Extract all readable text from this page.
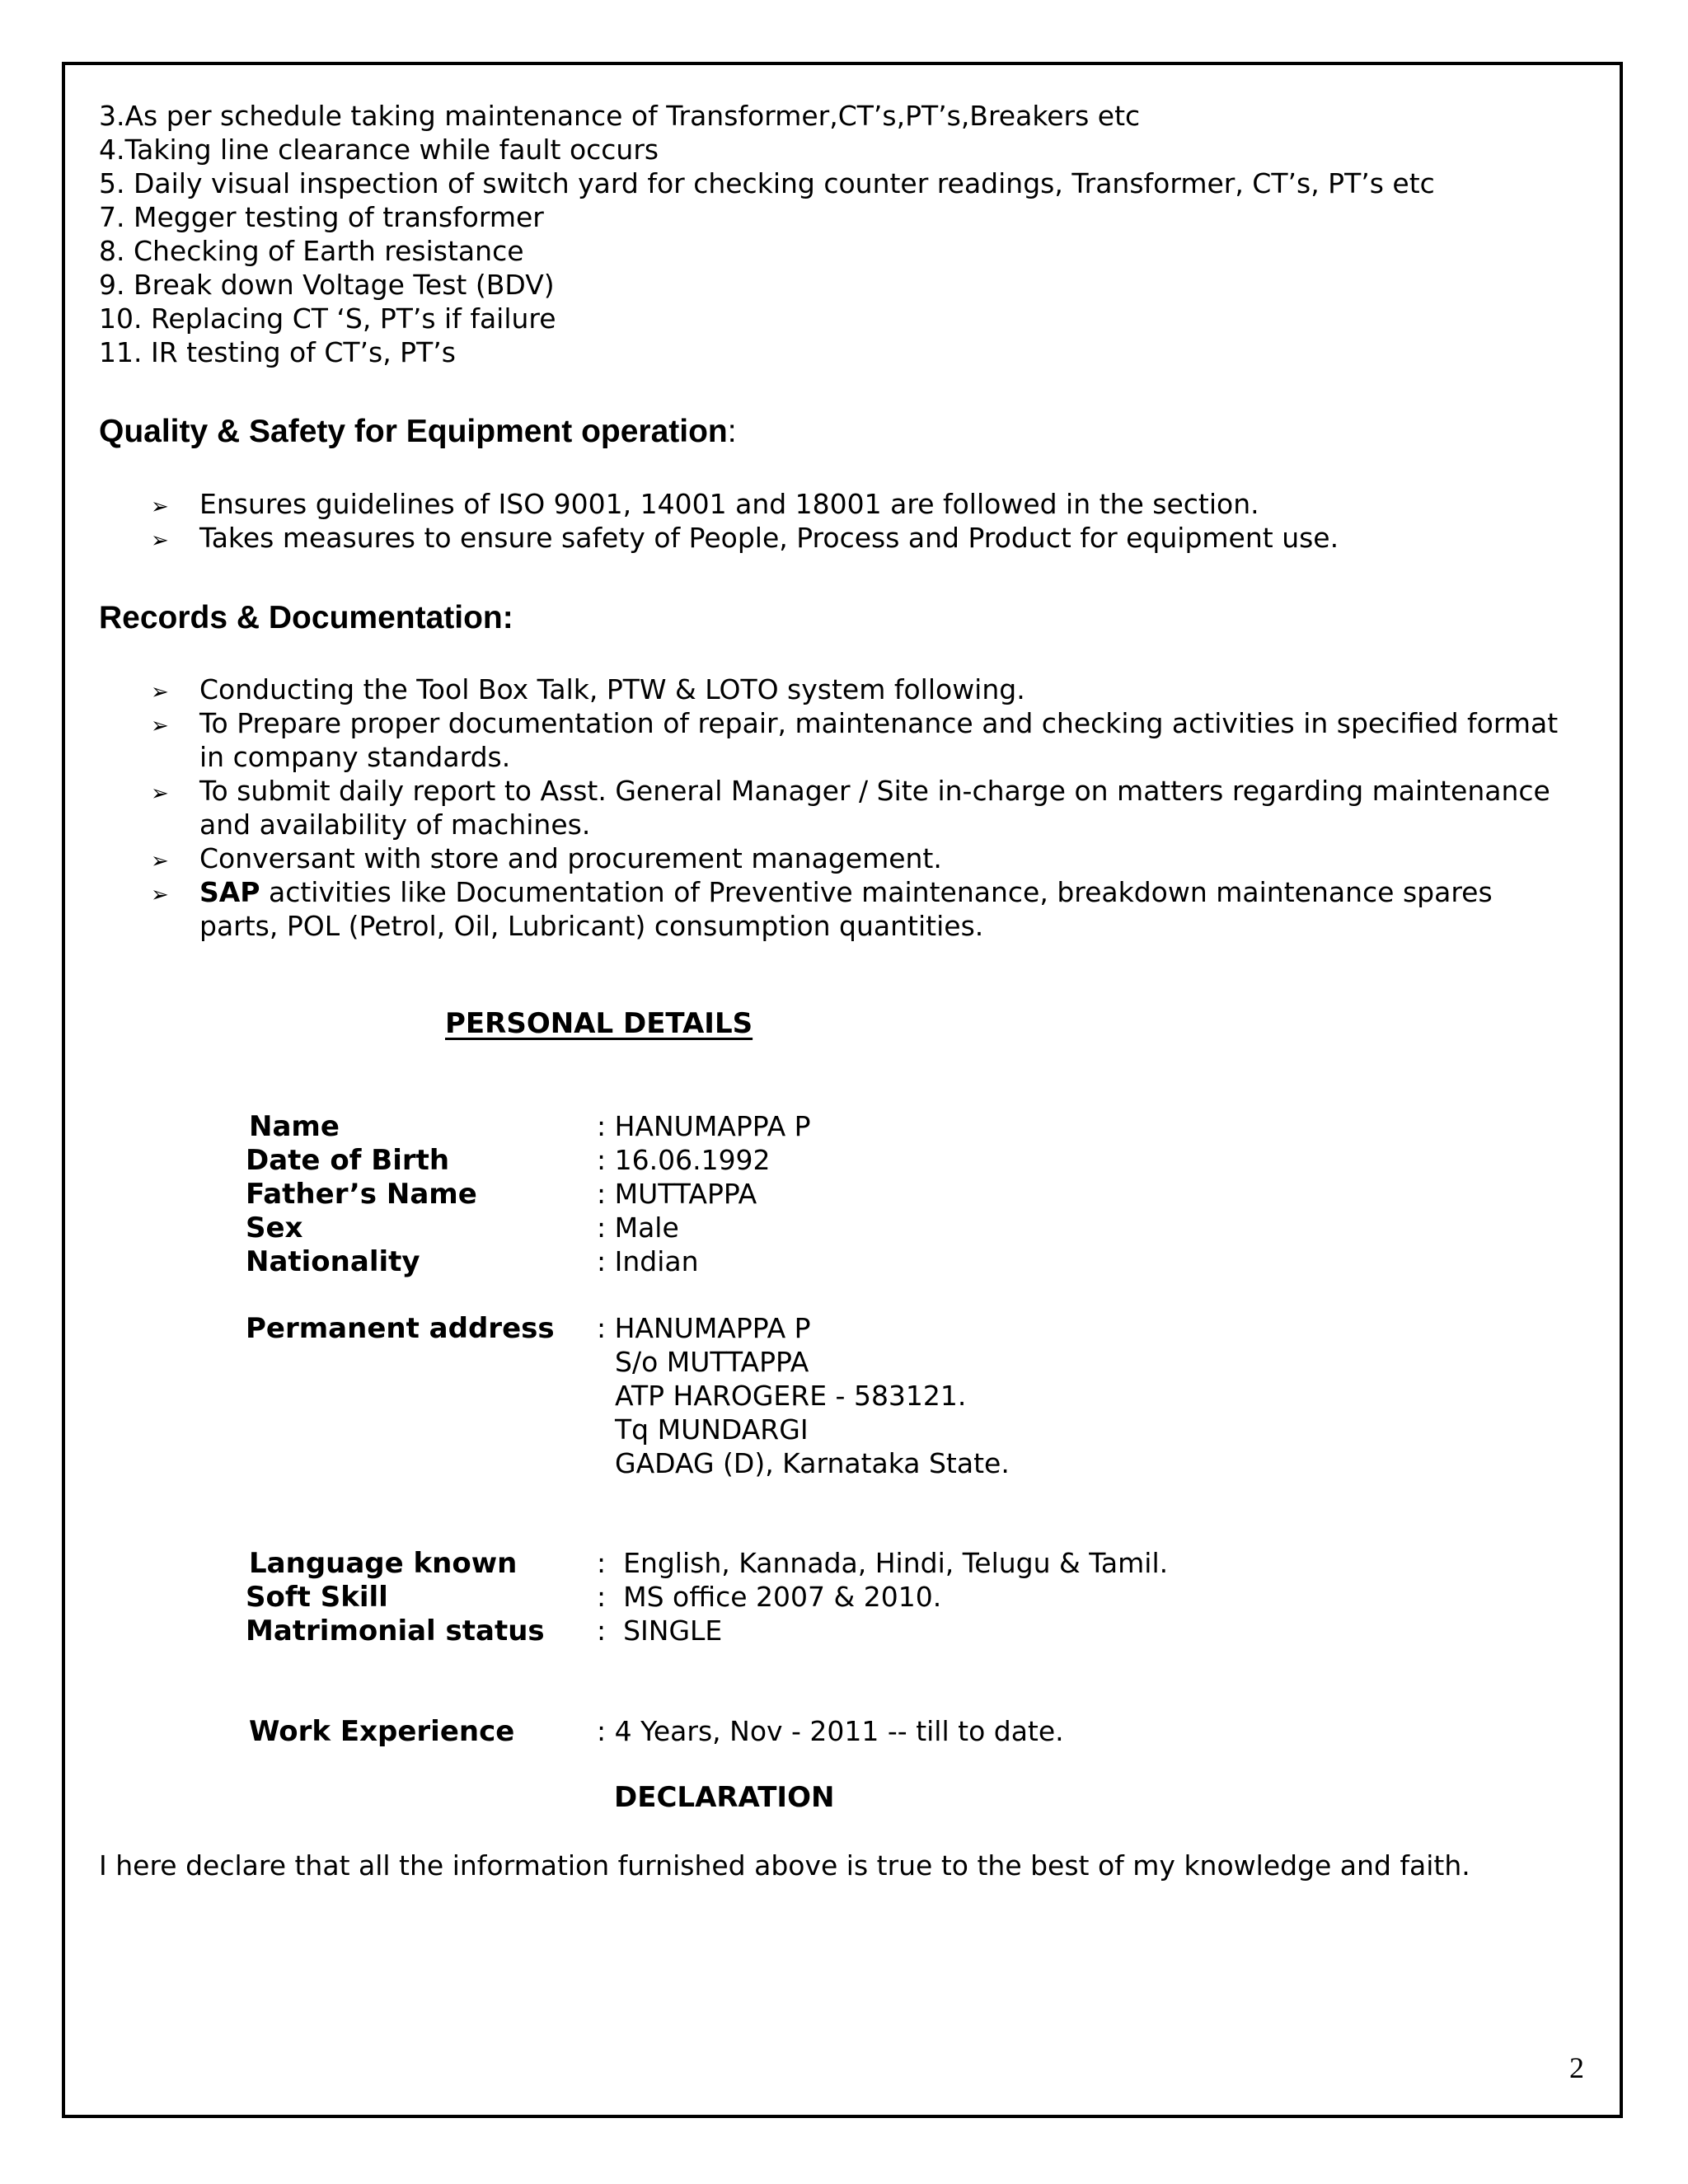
3.As per schedule taking maintenance of Transformer,CT’s,PT’s,Breakers etc
4.Taking line clearance while fault occurs
5. Daily visual inspection of switch yard for checking counter readings, Transformer, CT’s, PT’s etc
7. Megger testing of transformer
8. Checking of Earth resistance
9. Break down Voltage Test (BDV)
10. Replacing CT ‘S, PT’s if failure
11. IR testing of CT’s, PT’s
Quality & Safety for Equipment operation:
➢ Ensures guidelines of ISO 9001, 14001 and 18001 are followed in the section.
➢ Takes measures to ensure safety of People, Process and Product for equipment use.
Records & Documentation:
➢ Conducting the Tool Box Talk, PTW & LOTO system following.
➢ To Prepare proper documentation of repair, maintenance and checking activities in specified format
in company standards.
➢ To submit daily report to Asst. General Manager / Site in-charge on matters regarding maintenance
and availability of machines.
➢ Conversant with store and procurement management.
➢ SAP activities like Documentation of Preventive maintenance, breakdown maintenance spares
parts, POL (Petrol, Oil, Lubricant) consumption quantities.
PERSONAL DETAILS
Name	: HANUMAPPA P
Date of Birth	: 16.06.1992
Father’s Name	: MUTTAPPA
Sex	: Male
Nationality	: Indian
Permanent address : HANUMAPPA P
S/o MUTTAPPA
ATP HAROGERE - 583121.
Tq MUNDARGI
GADAG (D), Karnataka State.
Language known	:  English, Kannada, Hindi, Telugu & Tamil.
Soft Skill	:  MS office 2007 & 2010.
Matrimonial status :  SINGLE
Work Experience	: 4 Years, Nov - 2011 -- till to date.
DECLARATION
I here declare that all the information furnished above is true to the best of my knowledge and faith.
2
